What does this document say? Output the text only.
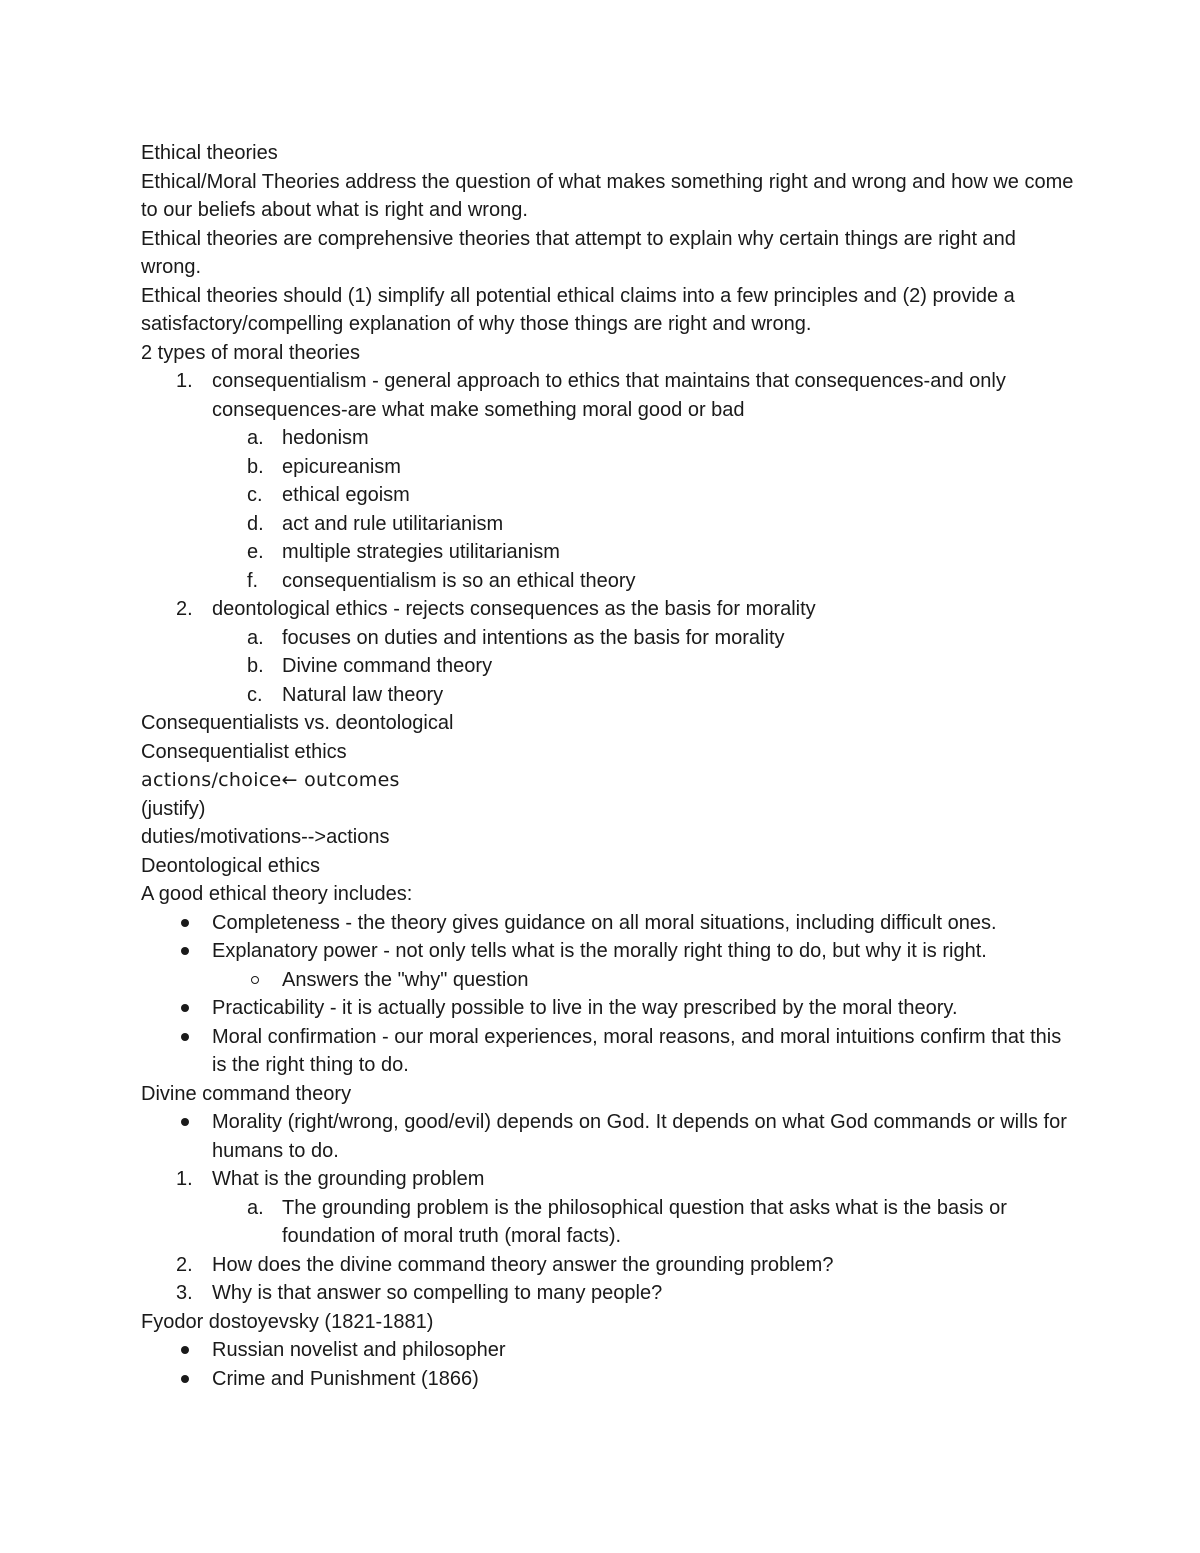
Ethical theories

Ethical/Moral Theories address the question of what makes something right and wrong and how we come to our beliefs about what is right and wrong.

Ethical theories are comprehensive theories that attempt to explain why certain things are right and wrong.

Ethical theories should (1) simplify all potential ethical claims into a few principles and (2) provide a satisfactory/compelling explanation of why those things are right and wrong.

2 types of moral theories

1. consequentialism - general approach to ethics that maintains that consequences-and only consequences-are what make something moral good or bad
a. hedonism
b. epicureanism
c. ethical egoism
d. act and rule utilitarianism
e. multiple strategies utilitarianism
f. consequentialism is so an ethical theory
2. deontological ethics - rejects consequences as the basis for morality
a. focuses on duties and intentions as the basis for morality
b. Divine command theory
c. Natural law theory

Consequentialists vs. deontological

Consequentialist ethics

actions/choice← outcomes

(justify)

duties/motivations-->actions

Deontological ethics

A good ethical theory includes:

Completeness - the theory gives guidance on all moral situations, including difficult ones.
Explanatory power - not only tells what is the morally right thing to do, but why it is right.
Answers the "why" question
Practicability - it is actually possible to live in the way prescribed by the moral theory.
Moral confirmation - our moral experiences, moral reasons, and moral intuitions confirm that this is the right thing to do.

Divine command theory

Morality (right/wrong, good/evil) depends on God. It depends on what God commands or wills for humans to do.
1. What is the grounding problem
a. The grounding problem is the philosophical question that asks what is the basis or foundation of moral truth (moral facts).
2. How does the divine command theory answer the grounding problem?
3. Why is that answer so compelling to many people?

Fyodor dostoyevsky (1821-1881)

Russian novelist and philosopher
Crime and Punishment (1866)
